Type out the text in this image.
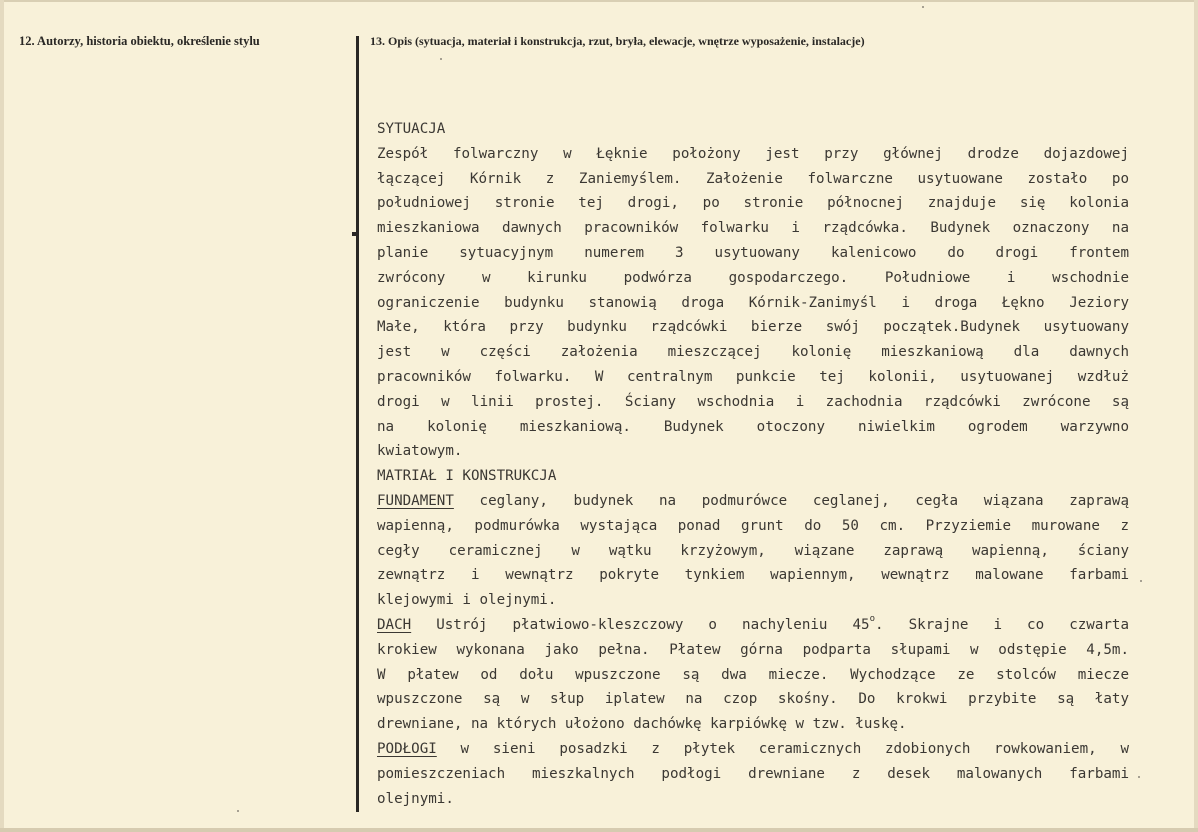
12. Autorzy, historia obiektu, określenie stylu	13. Opis (sytuacja, materiał i konstrukcja, rzut, bryła, elewacje, wnętrze wyposażenie, instalacje)
SYTUACJA

Zespół folwarczny w Łęknie położony jest przy głównej drodze dojazdowej

łączącej Kórnik z Zaniemyślem. Założenie folwarczne usytuowane zostało po

południowej stronie tej drogi, po stronie północnej znajduje się kolonia

mieszkaniowa dawnych pracowników folwarku i rządcówka. Budynek oznaczony na

planie sytuacyjnym numerem 3 usytuowany kalenicowo do drogi frontem

zwrócony w kirunku podwórza gospodarczego. Południowe i wschodnie

ograniczenie budynku stanowią droga Kórnik-Zanimyśl i droga Łękno Jeziory

Małe, która przy budynku rządcówki bierze swój początek.Budynek usytuowany

jest w części założenia mieszczącej kolonię mieszkaniową dla dawnych

pracowników folwarku. W centralnym punkcie tej kolonii, usytuowanej wzdłuż

drogi w linii prostej. Ściany wschodnia i zachodnia rządcówki zwrócone są

na kolonię mieszkaniową. Budynek otoczony niwielkim ogrodem warzywno

kwiatowym.

MATRIAŁ I KONSTRUKCJA

FUNDAMENT ceglany, budynek na podmurówce ceglanej, cegła wiązana zaprawą

wapienną, podmurówka wystająca ponad grunt do 50 cm. Przyziemie murowane z

cegły ceramicznej w wątku krzyżowym, wiązane zaprawą wapienną, ściany

zewnątrz i wewnątrz pokryte tynkiem wapiennym, wewnątrz malowane farbami

klejowymi i olejnymi.

DACH Ustrój płatwiowo-kleszczowy o nachyleniu 45$^o$. Skrajne i co czwarta

krokiew wykonana jako pełna. Płatew górna podparta słupami w odstępie 4,5m.

W płatew od dołu wpuszczone są dwa miecze. Wychodzące ze stolców miecze

wpuszczone są w słup iplatew na czop skośny. Do krokwi przybite są łaty

drewniane, na których ułożono dachówkę karpiówkę w tzw. łuskę.

PODŁOGI w sieni posadzki z płytek ceramicznych zdobionych rowkowaniem, w

pomieszczeniach mieszkalnych podłogi drewniane z desek malowanych farbami

olejnymi.
